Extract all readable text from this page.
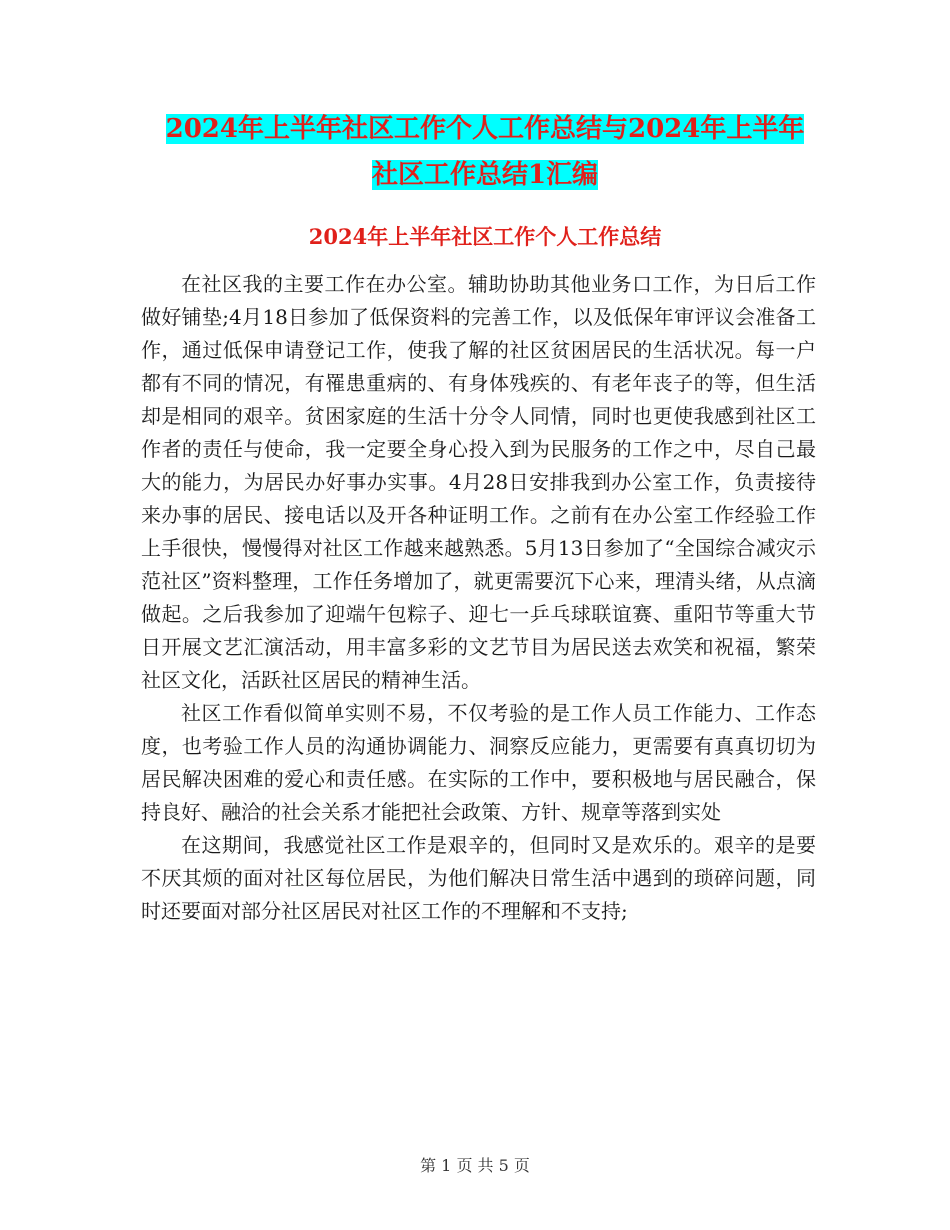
2024年上半年社区工作个人工作总结与2024年上半年
社区工作总结1汇编
2024年上半年社区工作个人工作总结

在社区我的主要工作在办公室。辅助协助其他业务口工作，为日后工作做好铺垫;4月18日参加了低保资料的完善工作，以及低保年审评议会准备工作，通过低保申请登记工作，使我了解的社区贫困居民的生活状况。每一户都有不同的情况，有罹患重病的、有身体残疾的、有老年丧子的等，但生活却是相同的艰辛。贫困家庭的生活十分令人同情，同时也更使我感到社区工作者的责任与使命，我一定要全身心投入到为民服务的工作之中，尽自己最大的能力，为居民办好事办实事。4月28日安排我到办公室工作，负责接待来办事的居民、接电话以及开各种证明工作。之前有在办公室工作经验工作上手很快，慢慢得对社区工作越来越熟悉。5月13日参加了“全国综合减灾示范社区”资料整理，工作任务增加了，就更需要沉下心来，理清头绪，从点滴做起。之后我参加了迎端午包粽子、迎七一乒乓球联谊赛、重阳节等重大节日开展文艺汇演活动，用丰富多彩的文艺节目为居民送去欢笑和祝福，繁荣社区文化，活跃社区居民的精神生活。

社区工作看似简单实则不易，不仅考验的是工作人员工作能力、工作态度，也考验工作人员的沟通协调能力、洞察反应能力，更需要有真真切切为居民解决困难的爱心和责任感。在实际的工作中，要积极地与居民融合，保持良好、融洽的社会关系才能把社会政策、方针、规章等落到实处

在这期间，我感觉社区工作是艰辛的，但同时又是欢乐的。艰辛的是要不厌其烦的面对社区每位居民，为他们解决日常生活中遇到的琐碎问题，同时还要面对部分社区居民对社区工作的不理解和不支持;

第 1 页 共 5 页
